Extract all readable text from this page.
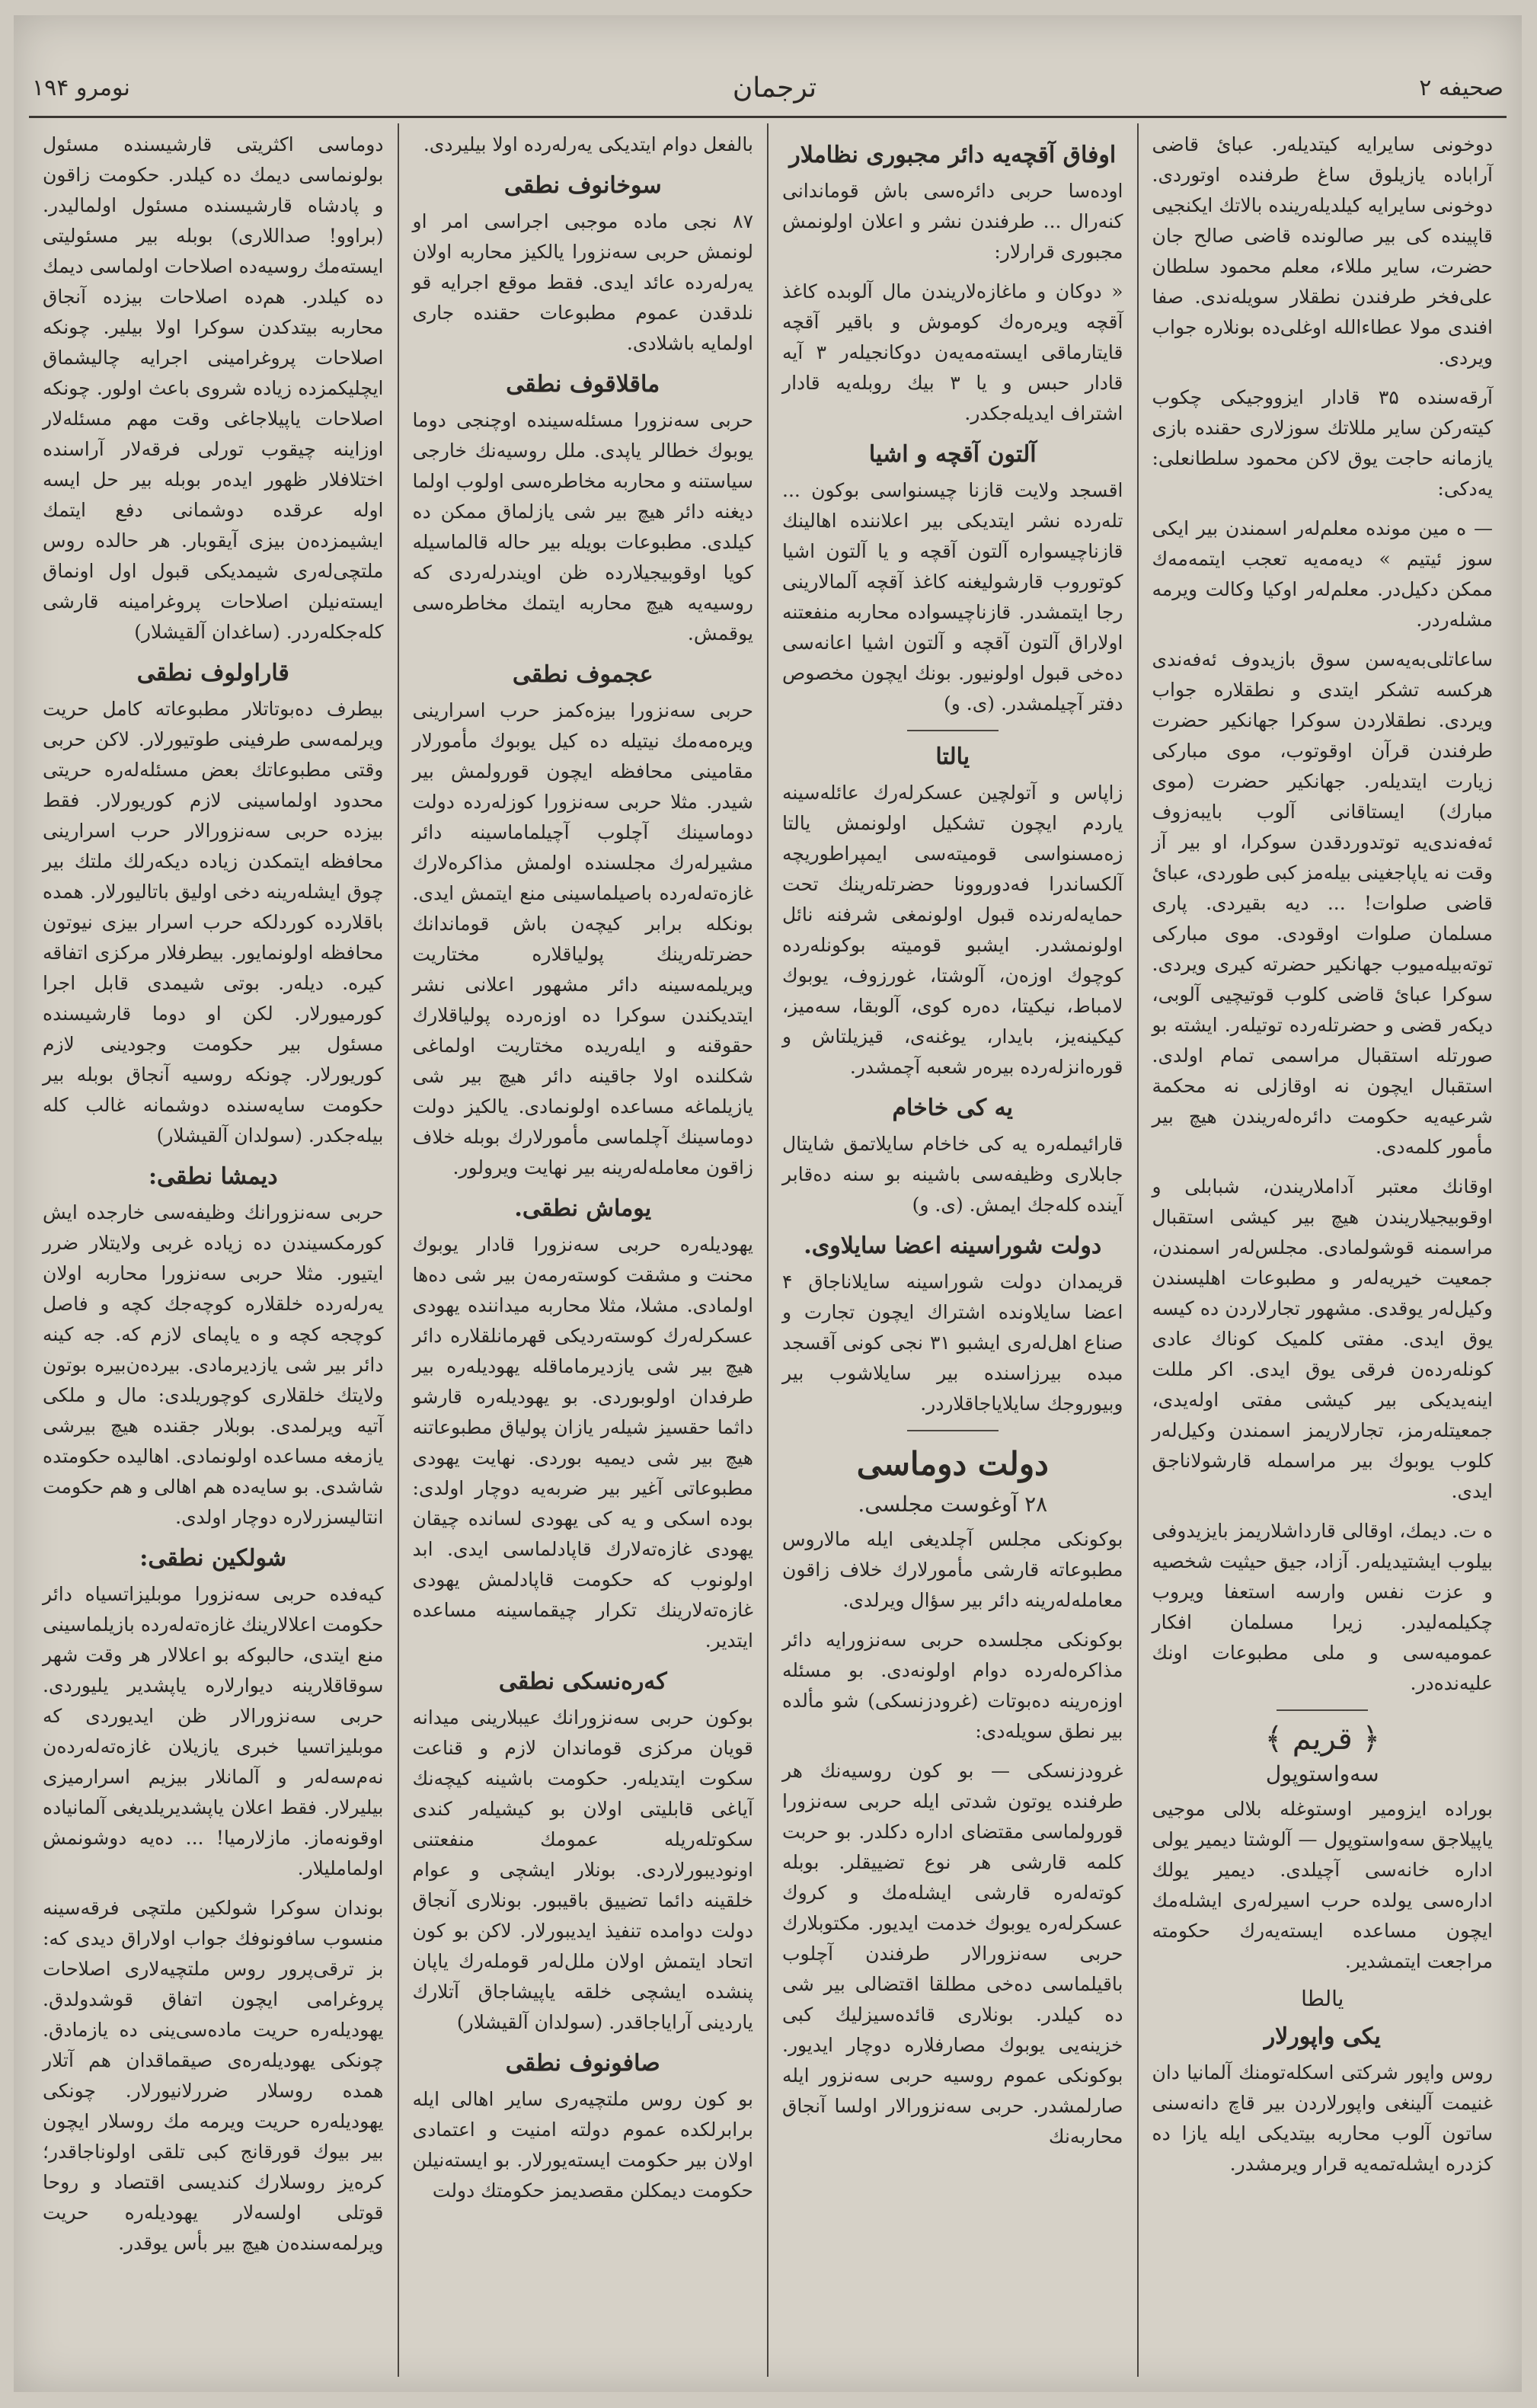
صحیفه ۲
ترجمان
نومرو ۱۹۴

دوخونی سایرایه کیتدیلەر. عبائ قاضی آرابادە یازیلوق ساغ طرفنده اوتوردی. دوخونی سایرایه کیلدیلەرینده بالاتك ایکنجیی قاپینده کی بیر صالونده قاضی صالح جان حضرت، سایر مللاء، معلم محمود سلطان علی‌فخر طرفندن نطقلار سویلەندی. صفا افندی مولا عطاءالله اوغلی‌ده بونلارە جواب ویردی.

آرقه‌سنده ۳۵ قادار ایزووجیکی چکوب کیتەرکن سایر مللاتك سوزلاری حقنده بازی یازمانه حاجت یوق لاکن محمود سلطانعلی: یەدکی:

— ه مین مونده معلم‌لەر اسمندن بیر ایکی سوز ئیتیم » دیەمەیه تعجب ایتمەمەك ممكن دکیل‌در. معلم‌لەر اوکیا وکالت ویرمه مشلەردر.

ساعاتلی‌بەیەسن سوق بازیدوف ئەفەندی هرکسه تشکر ایتدی و نطقلارە جواب ویردی. نطقلاردن سوکرا جهانکیر حضرت طرفندن قرآن اوقوتوب، موی مبارکی زیارت ایتدیلەر. جهانکیر حضرت (موی مبارك) ایستاقانی آلوب بایبەزوف ئەفەندی‌یە توتدوردقدن سوکرا، او بیر آز وقت نه یاپاجغینی بیلەمز کبی طوردی، عبائ قاضی صلوات! ... دیه بقیردی. پاری مسلمان صلوات اوقودی. موی مبارکی توتەبیلەمیوب جهانکیر حضرته کیری ویردی. سوکرا عبائ قاضی کلوب قوتیچیی آلوبی، دیکەر قضی و حضرتلەرده توتیلەر. ایشته بو صورتله استقبال مراسمی تمام اولدی. استقبال ایچون نه اوقازلی نه محکمة شرعیه‌یه حکومت دائرەلەریندن هیچ بیر مأمور کلمەدی.

اوقانك معتبر آداملاریندن، شبابلی و اوقوبیجیلاریندن هیچ بیر کیشی استقبال مراسمنه قوشولمادی. مجلس‌لەر اسمندن، جمعیت خیریه‌لەر و مطبوعات اهلیسندن وکیل‌لەر یوقدی. مشهور تجارلاردن ده کیسه یوق ایدی. مفتی کلمیک کوناك عادی کونلەرده‌ن فرقی یوق ایدی. اکر مللت اینه‌یدیکی بیر کیشی مفتی اوله‌یدی، جمعیتلەرمز، تجارلاریمز اسمندن وکیل‌لەر کلوب یوبوك بیر مراسمله قارشولاناجق ایدی.

ه ت. دیمك، اوقالی قارداشلاریمز بایزیدوفی بیلوب ایشتیدیلەر. آزاد، جیق حیثیت شخصیه و عزت نفس وارسه استعفا ویروب چکیلمەلیدر. زیرا مسلمان افکار عمومیه‌سی و ملی مطبوعات اونك علیه‌نده‌در.

﴿ قریم ﴾
سەواستوپول

بوراده ایزومیر اوستوغله بلالی موجیی یاپیلاجق سەواستوپول — آلوشتا دیمیر یولی اداره خانەسی آچیلدی. دیمیر یولك اداره‌سی یولده حرب اسیرلەری ایشلەمك ایچون مساعده ایسته‌یەرك حکومته مراجعت ایتمشدیر.

یالطا
یکی واپورلار

روس واپور شرکتی اسکله‌تومنك آلمانیا دان غنیمت آلینغی واپورلاردن بیر قاچ دانه‌سنی ساتون آلوب محاربه بیتدیکی ایله یازا ده کزدره ایشله‌تمه‌یه قرار ویرمشدر.

اوفاق آقچه‌یه دائر مجبوری نظاملار

اودەسا حربی دائرەسی باش قوماندانی کنه‌رال ... طرفندن نشر و اعلان اولونمش مجبوری قرارلار:

« دوکان و ماغازەلاریندن مال آلوبده کاغذ آقچه ویرەرەك کوموش و باقیر آقچه قایتارماقی ایستەمەیەن دوکانجیلەر ۳ آیه قادار حبس و یا ۳ بیك روبلەیه قادار اشتراف ایدیلەجکدر.

آلتون آقچه و اشیا

اقسجد ولایت قازنا چیسنواسی بوکون ... تلەرده نشر ایتدیکی بیر اعلاننده اهالینك قازناچیسوارە آلتون آقچه و یا آلتون اشیا کوتوروب قارشولیغنه کاغذ آقچه آلمالارینی رجا ایتمشدر. قازناچیسواده محاربه منفعتنه اولاراق آلتون آقچه و آلتون اشیا اعانه‌سی ده‌خی قبول اولونیور. بونك ایچون مخصوص دفتر آچیلمشدر. (ی. و)

یالتا

زاپاس و آتولچین عسکرلەرك عائله‌سینه یاردم ایچون تشکیل اولونمش یالتا زەمسنوا‌سی قومیته‌سی ایمپراطوریچه آلکساندرا فەدوروونا حضرتلەرینك تحت حمایه‌لەرنده قبول اولونمغی شرفنه نائل اولونمشدر. ایشبو قومیته بوکونلەرده کوچوك اوزەن، آلوشتا، غورزوف، یوبوك لامباط، نیکیتا، دەره کوی، آلوبقا، سەمیز، کیکینه‌یز، بایدار، یوغنەی، قیزیلتاش و قورەانزلەرده بیرەر شعبه آچمشدر.

یه کی خاخام

قارائیملەره یه کی خاخام سایلاتمق شایتال جابلاری وظیفه‌سی باشینه بو سنه دەقابر آینده کله‌جك ایمش. (ی. و)

دولت شوراسینه اعضا سایلاوی.

قریمدان دولت شوراسینه سایلاناجاق ۴ اعضا سایلاونده اشتراك ایچون تجارت و صناع اهل‌لەری ایشبو ۳۱ نجی کونی آقسجد مبده بیرزاسنده بیر سایلاشوب بیر وبیوروجك سایلایاجاقلاردر.

دولت دوماسی
۲۸ آوغوست مجلسی.

بوکونکی مجلس آچلدیغی ایله مالاروس مطبوعاته قارشی مأمورلارك خلاف زاقون معامله‌لەرینه دائر بیر سؤال ویرلدی.

بوکونکی مجلسده حربی سەنزورایه دائر مذاکرەلەرده دوام اولونەدی. بو مسئله اوزەرینه دەبوتات (غرودزنسکی) شو مألده بیر نطق سویله‌دی:

غرودزنسکی — بو کون روسیه‌نك هر طرفنده یوتون شدتی ایله حربی سەنزورا قورولماسی مقتضای اداره دکلدر. بو حربت کلمه قارشی هر نوع تضییقلر. بوبله کوتەلەره قارشی ایشلەمك و کروك عسکر‌لەره یوبوك خدمت ایدیور. مکتوبلارك حربی سەنزورالار طرفندن آچلوب باقیلماسی ده‌خی مطلقا اقتضالی بیر شی ده کیلدر. بونلاری قائده‌سیزلیك کبی خزینه‌یی یوبوك مصارفلارە دوچار ایدیور. بوکونکی عموم روسیه حربی سەنزور ایله صارلمشدر. حربی سەنزورالار اولسا آنجاق محاربه‌نك

بالفعل دوام ایتدیکی یەرلەرده اولا بیلیردی.

سوخانوف نطقی

۸۷ نجی ماده موجبی اجراسی امر او لونمش حربی سەنزورا یالکیز محاربه اولان یەرلەرده عائد ایدی. فقط موقع اجرایه قو نلدقدن عموم مطبوعات حقنده جاری اولمایه باشلادی.

ماقلاقوف نطقی

حربی سەنزورا مسئله‌سینده اوچنجی دوما یوبوك خطالر یاپدی. ملل روسیه‌نك خارجی سیاستنه و محاربه مخاطره‌سی اولوب اولما دیغنه دائر هیچ بیر شی یازلماق ممکن ده کیلدی. مطبوعات بویله بیر حاله قالماسیله کویا اوقوبیجیلارده ظن اویندرلەردی که روسیه‌یه هیچ محاربه ایتمك مخاطره‌سی یوقمش.

عجموف نطقی

حربی سەنزورا بیزه‌کمز حرب اسرارینی ویرەمەمك نیتیله ده کیل یوبوك مأمورلار مقامینی محافظه ایچون قورولمش بیر شیدر. مثلا حربی سەنزورا کوزلەرده دولت دوماسینك آچلوب آچیلماماسینه دائر مشیرلەرك مجلسنده اولمش مذاکرەلارك غازەته‌لەرده باصیلماسینی منع ایتمش ایدی. بونکله برابر کیچەن باش قوماندانك حضرتلەرینك پولیاقلارە مختاریت ویریلمەسینه دائر مشهور اعلانی نشر ایتدیکندن سوکرا ده اوزەرده پولیاقلارك حقوقنه و ایلەریده مختاریت اولماغی شکلنده اولا جاقینه دائر هیچ بیر شی یازیلماغه مساعده اولونمادی. یالکیز دولت دوماسینك آچلماسی مأمورلارك بوبله خلاف زاقون معامله‌لەرینه بیر نهایت ویرولور.

یوماش نطقی.

یهودیلەره حربی سەنزورا قادار یوبوك محنت و مشقت کوستەرمەن بیر شی ده‌ها اولمادی. مشلا، مثلا محاربه میداننده یهودی عسکر‌لەرك کوستەردیکی قهرمانلقلارە دائر هیچ بیر شی یازدیرماماقلە یهودیلەره بیر طرفدان اولوبوردی. بو یهودیلەره قارشو داثما حقسیز شیلەر یازان پولیاق مطبوعاتنه هیچ بیر شی دیمیه بوردی. نهایت یهودی مطبوعاتی آغیر بیر ضربه‌یه دوچار اولدی: بوده اسکی و یه کی یهودی لسانده چیقان یهودی غازەته‌لارك قاپادلماسی ایدی. ابد اولونوب که حکومت قاپادلمش یهودی غازەته‌لارینك تکرار چیقماسینه مساعده ایتدیر.

کەرەنسکی نطقی

بوکون حربی سەنزورانك عیبلارینی میدانه قویان مرکزی قوماندان لازم و قناعت سکوت ایتدیلەر. حکومت باشینه کیچەنك آیاغی قابلیتی اولان بو کیشیلەر کندی سکوتلەریله عمومك منفعتنی اونودیبورلاردی. بونلار ایشچی و عوام خلقینه دائما تضییق باقیبور. بونلاری آنجاق دولت دوامده تنفیذ ایدیبور‌لار. لاکن بو کون اتحاد ایتمش اولان ملل‌لەر قوملەرك یاپان پنشده ایشچی خلقه یاپیشاجاق آتلارك یاردینی آرایاجاقدر. (سولدان آلقیشلار)

صافونوف نطقی

بو کون روس ملتچیه‌ری سایر اهالی ایله برابرلکده عموم دولته امنیت و اعتمادی اولان بیر حکومت ایسته‌یورلار. بو ایسته‌نیلن حکومت دیمکلن مقصدیمز حکومتك دولت

دوماسی اکثریتی قارشیسنده مسئول بولونماسی دیمك ده کیلدر. حکومت زاقون و پادشاه قارشیسنده مسئول اولمالیدر. (براوو! صداللاری) بوبله بیر مسئولیتی ایسته‌مك روسیه‌ده اصلاحات اولماسی دیمك ده کیلدر. هم‌ده اصلاحات بیزده آنجاق محاربه بیتدکدن سوکرا اولا بیلیر. چونکه اصلاحات پروغرامینی اجرایه چالیشماق ایچلیکمزده زیاده شروی باعث اولور. چونکه اصلاحات یاپیلاجاغی وقت مهم مسئله‌لار اوزاینه چیقوب تورلی فرقه‌لار آراسنده اختلافلار ظهور ایدەر بوبله بیر حل ایسه اوله عرقده دوشمانی دفع ایتمك ایشیمزده‌ن بیزی آیقوبار. هر حالده روس ملتچی‌لەری شیمدیکی قبول اول اونماق ایسته‌نیلن اصلاحات پروغرامینه قارشی کله‌جکلەردر. (ساغدان آلقیشلار)

قاراولوف نطقی

بیطرف دەبوتاتلار مطبوعاته کامل حریت ویرلمه‌سی طرفینی طوتیورلار. لاکن حربی وقتی مطبوعاتك بعض مسئله‌لەره حریتی محدود اولماسینی لازم کوریورلار. فقط بیزده حربی سەنزورالار حرب اسرارینی محافظه ایتمکدن زیاده دیکەرلك ملتك بیر چوق ایشلەرینه دخی اولیق باتالیورلار. همده باقلارده کوردلكه حرب اسرار بیزی نیوتون محافظه اولونمایور. بیطرفلار مرکزی اتفاقه کیره. دیلەر. بوتی شیمدی قابل اجرا کورمیورلار. لکن او دوما قارشیسنده مسئول بیر حکومت وجودینی لازم کوریورلار. چونکه روسیه آنجاق بوبله بیر حکومت سایه‌سنده دوشمانه غالب کله بیله‌جکدر. (سولدان آلقیشلار)

دیمشا نطقی:

حربی سەنزورانك وظیفه‌سی خارجده ایش کورمکسیندن ده زیاده غربی ولایتلار ضرر ایتیور. مثلا حربی سەنزورا محاربه اولان یەرلەرده خلقلارە کوچه‌جك کچه و فاصل کوچجه کچه و ه یاپمای لازم که. جه ‌کینه دائر بیر شی یازدیرمادی. بیرده‌ن‌بیره بوتون ولایتك خلقلاری کوچوریلدی: مال و ملکی آتیه ویرلمدی. بوبلار جقنده هیچ بیرشی یازمغه مساعده اولونمادی. اهالیده حکومتده شاشدی. بو سایه‌ده هم اهالی و هم حکومت انتالیسزرلارە دوچار اولدی.

شولکین نطقی:

کیه‌فده حربی سەنزورا موبلیزاتسیاه دائر حکومت اعلالارینك غازەته‌لەرده بازیلماسینی منع ایتدی، حالبوکه بو اعلالار هر وقت شهر سوقاقلارینه دیوارلارە یاپشدیر یلیوردی. حربی سەنزورالار ظن ایدیوردی که موبلیزاتسیا خبری یازیلان غازەته‌لەرده‌ن نەم‌سه‌لەر و آلمانلار بیزیم اسرارمیزی بیلیرلار. فقط اعلان یاپشدیریلدیغی آلمانیاده اوقونه‌ماز. مازلارمیا! ... ده‌یه دوشونمش اولماملیلار.

بوندان سوکرا شولکین ملتچی فرقه‌سینه منسوب سافونوفك جواب اولاراق دیدی که: بز ترقی‌پرور روس ملتچیه‌لارى اصلاحات پروغرامی ایچون اتفاق قوشدولدق. یهودیلەره حریت مادەسی‌ینی ده یازمادق. چونکی یهودیلەره‌ی صیقماقدان هم آتلار همده روسلار ضررلانیورلار. چونکی یهودیلەره حریت ویرمە مك روسلار ایچون بیر بیوك قورقانج کبی تلقی اولوناجاقدر؛ کرەیز روسلارك کندیسی اقتصاد و روحا قوتلی اولسه‌لار یهودیلەره حریت ویرلمه‌سنده‌ن هیچ بیر بأس یوقدر.
